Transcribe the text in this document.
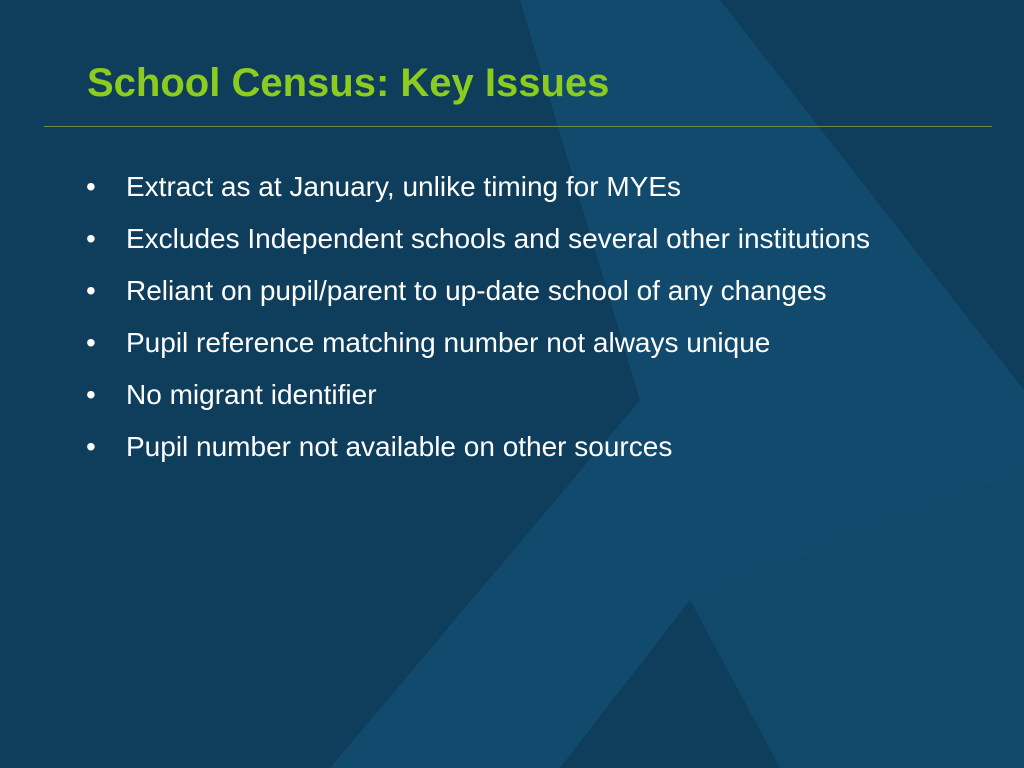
School Census: Key Issues
•	Extract as at January, unlike timing for MYEs
•	Excludes Independent schools and several other institutions
•	Reliant on pupil/parent to up-date school of any changes
•	Pupil reference matching number not always unique
•	No migrant identifier
•	Pupil number not available on other sources
